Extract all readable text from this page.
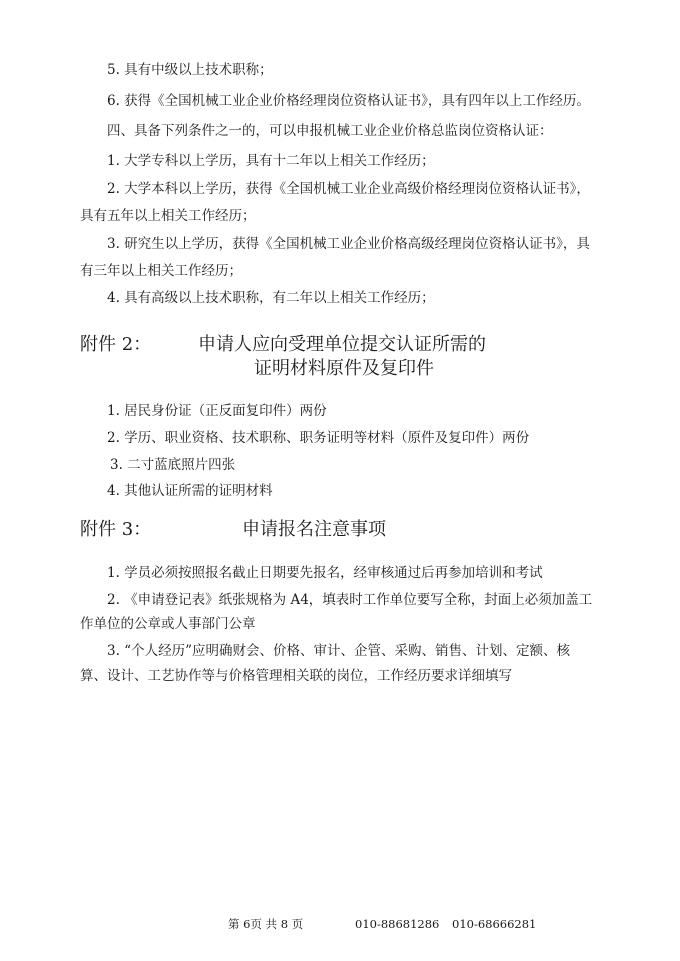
5. 具有中级以上技术职称；
6. 获得《全国机械工业企业价格经理岗位资格认证书》，具有四年以上工作经历。
四、具备下列条件之一的，可以申报机械工业企业价格总监岗位资格认证：
1. 大学专科以上学历，具有十二年以上相关工作经历；
2. 大学本科以上学历，获得《全国机械工业企业高级价格经理岗位资格认证书》，
具有五年以上相关工作经历；
3. 研究生以上学历，获得《全国机械工业企业价格高级经理岗位资格认证书》，具
有三年以上相关工作经历；
4. 具有高级以上技术职称，有二年以上相关工作经历；
附件 2：	申请人应向受理单位提交认证所需的
证明材料原件及复印件
1. 居民身份证（正反面复印件）两份
2. 学历、职业资格、技术职称、职务证明等材料（原件及复印件）两份
3. 二寸蓝底照片四张
4. 其他认证所需的证明材料
附件 3：	申请报名注意事项
1. 学员必须按照报名截止日期要先报名，经审核通过后再参加培训和考试
2. 《申请登记表》纸张规格为 A4，填表时工作单位要写全称，封面上必须加盖工
作单位的公章或人事部门公章
3. “个人经历”应明确财会、价格、审计、企管、采购、销售、计划、定额、核
算、设计、工艺协作等与价格管理相关联的岗位，工作经历要求详细填写
第 6页 共 8 页	010-88681286 010-68666281
